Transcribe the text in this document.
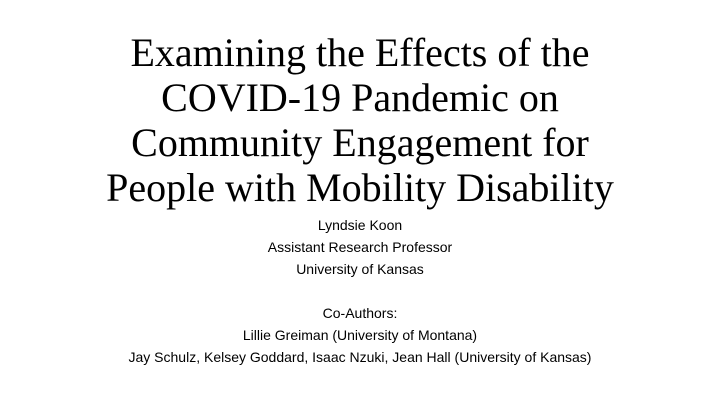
Examining the Effects of the
COVID-19 Pandemic on
Community Engagement for
People with Mobility Disability
Lyndsie Koon
Assistant Research Professor
University of Kansas
Co-Authors:
Lillie Greiman (University of Montana)
Jay Schulz, Kelsey Goddard, Isaac Nzuki, Jean Hall (University of Kansas)
